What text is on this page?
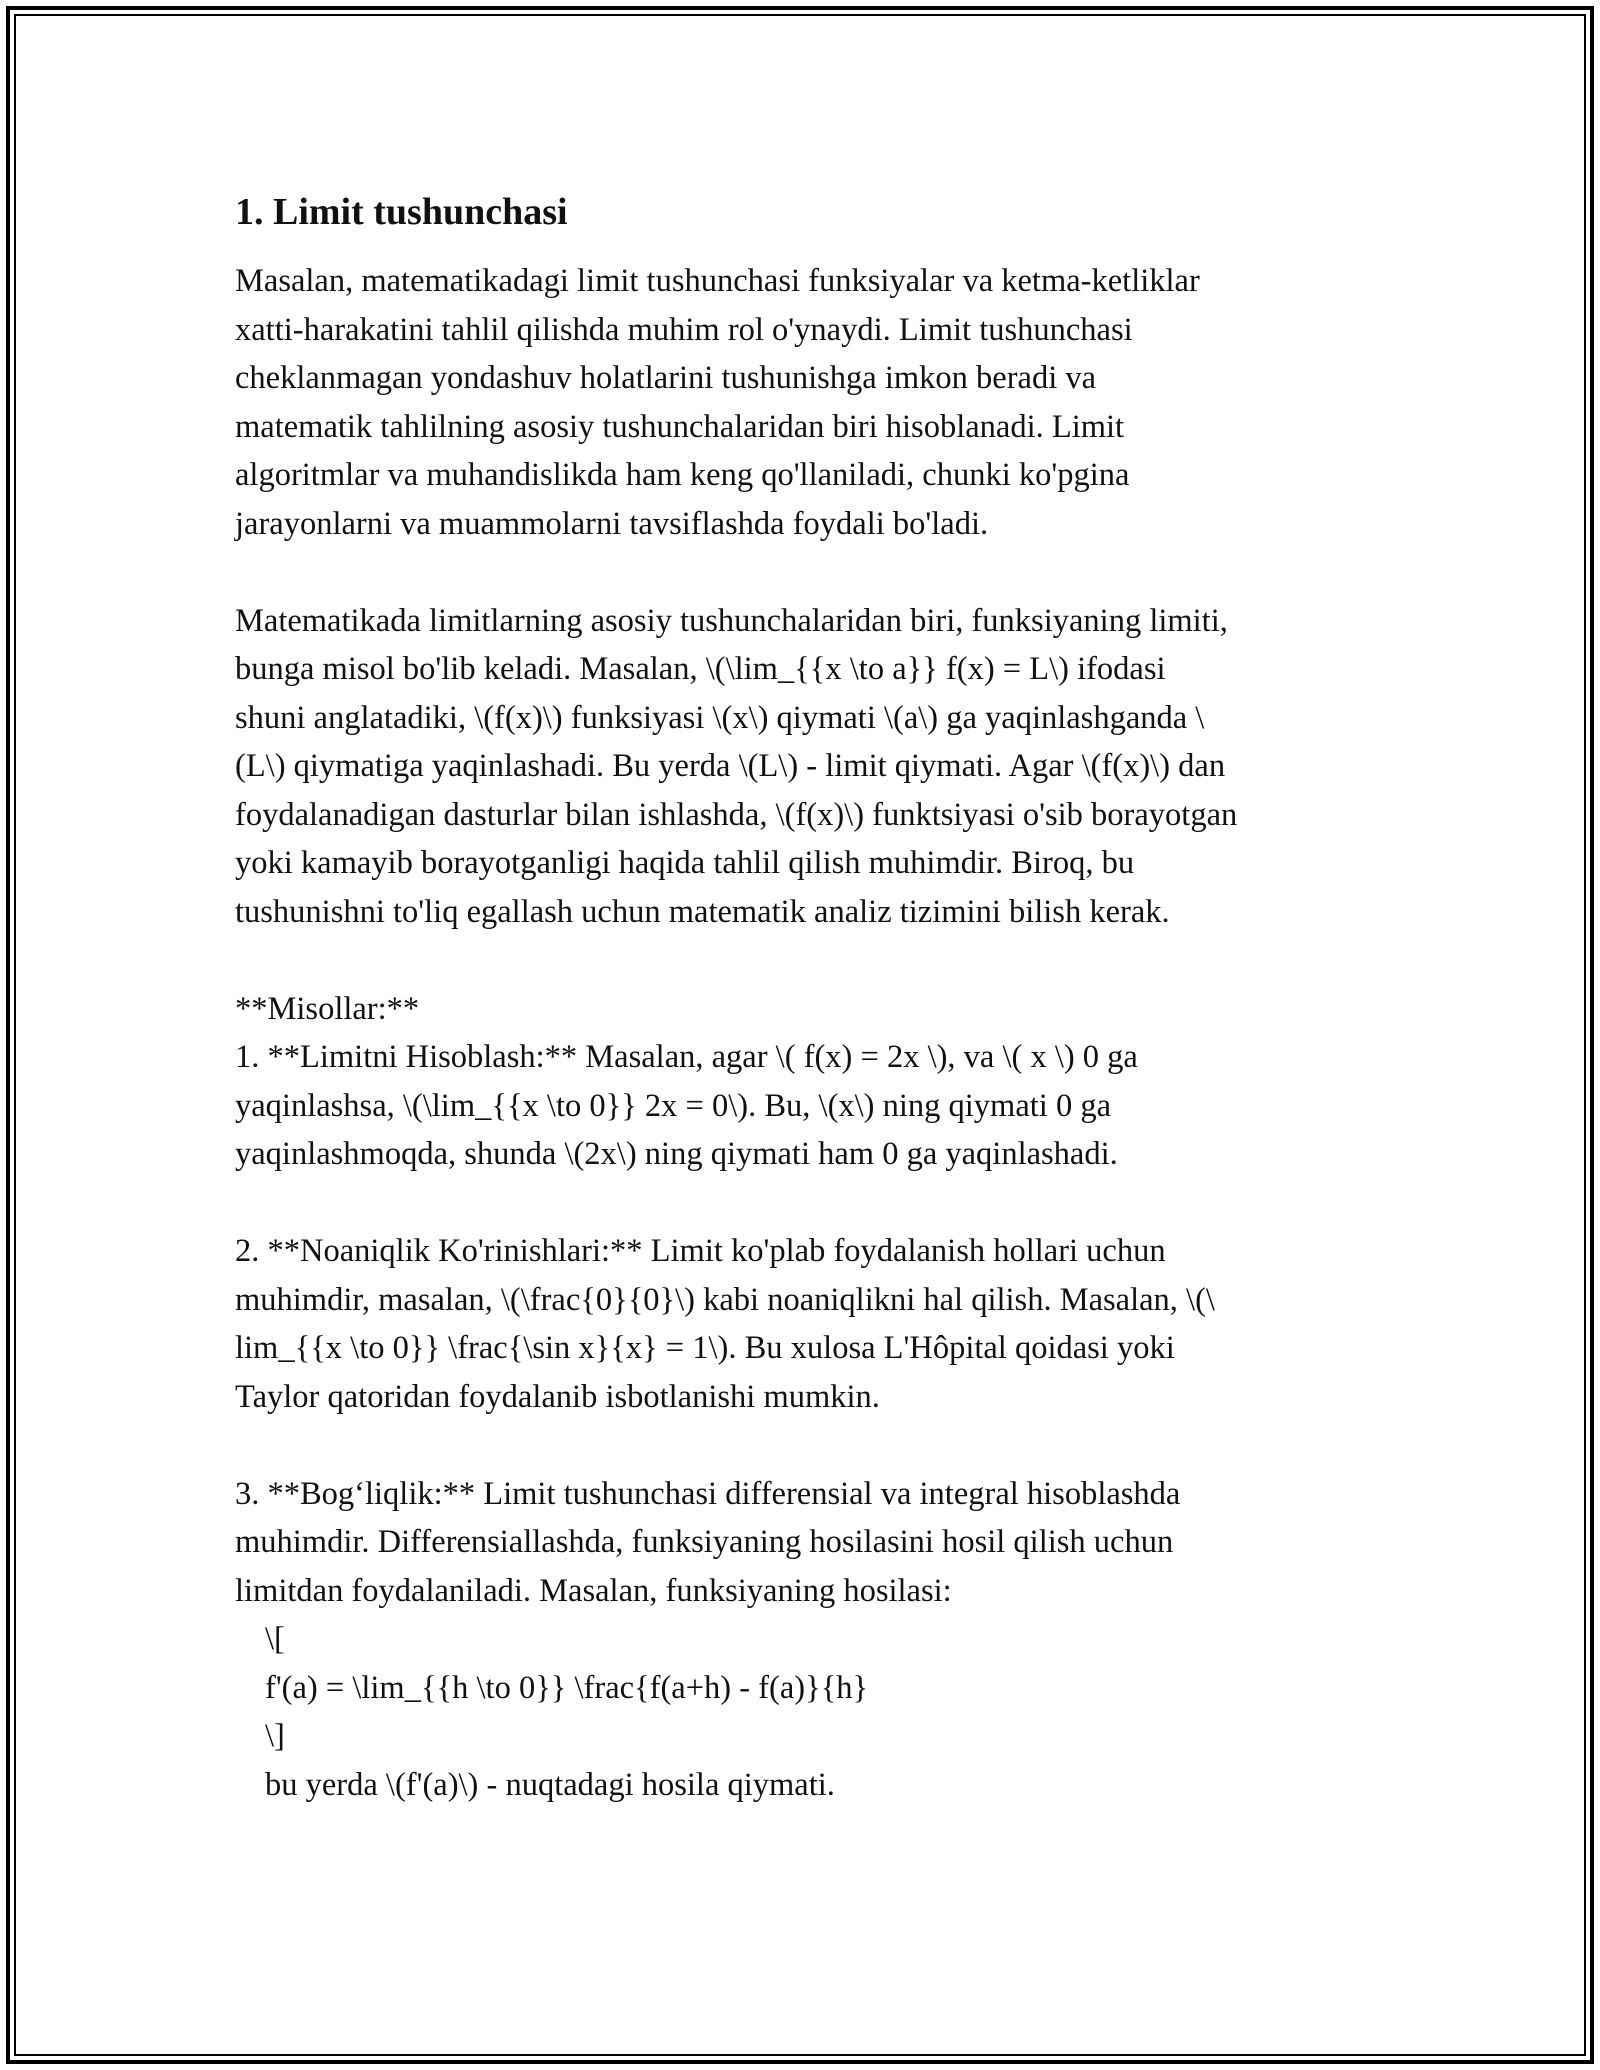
1. Limit tushunchasi
Masalan, matematikadagi limit tushunchasi funksiyalar va ketma-ketliklar
xatti-harakatini tahlil qilishda muhim rol o'ynaydi. Limit tushunchasi
cheklanmagan yondashuv holatlarini tushunishga imkon beradi va
matematik tahlilning asosiy tushunchalaridan biri hisoblanadi. Limit
algoritmlar va muhandislikda ham keng qo'llaniladi, chunki ko'pgina
jarayonlarni va muammolarni tavsiflashda foydali bo'ladi.
Matematikada limitlarning asosiy tushunchalaridan biri, funksiyaning limiti,
bunga misol bo'lib keladi. Masalan, \(\lim_{{x \to a}} f(x) = L\) ifodasi
shuni anglatadiki, \(f(x)\) funksiyasi \(x\) qiymati \(a\) ga yaqinlashganda \
(L\) qiymatiga yaqinlashadi. Bu yerda \(L\) - limit qiymati. Agar \(f(x)\) dan
foydalanadigan dasturlar bilan ishlashda, \(f(x)\) funktsiyasi o'sib borayotgan
yoki kamayib borayotganligi haqida tahlil qilish muhimdir. Biroq, bu
tushunishni to'liq egallash uchun matematik analiz tizimini bilish kerak.
**Misollar:**
1. **Limitni Hisoblash:** Masalan, agar \( f(x) = 2x \), va \( x \) 0 ga
yaqinlashsa, \(\lim_{{x \to 0}} 2x = 0\). Bu, \(x\) ning qiymati 0 ga
yaqinlashmoqda, shunda \(2x\) ning qiymati ham 0 ga yaqinlashadi.
2. **Noaniqlik Ko'rinishlari:** Limit ko'plab foydalanish hollari uchun
muhimdir, masalan, \(\frac{0}{0}\) kabi noaniqlikni hal qilish. Masalan, \(\
lim_{{x \to 0}} \frac{\sin x}{x} = 1\). Bu xulosa L'Hôpital qoidasi yoki
Taylor qatoridan foydalanib isbotlanishi mumkin.
3. **Bog‘liqlik:** Limit tushunchasi differensial va integral hisoblashda
muhimdir. Differensiallashda, funksiyaning hosilasini hosil qilish uchun
limitdan foydalaniladi. Masalan, funksiyaning hosilasi:
\[
f'(a) = \lim_{{h \to 0}} \frac{f(a+h) - f(a)}{h}
\]
bu yerda \(f'(a)\) - nuqtadagi hosila qiymati.
